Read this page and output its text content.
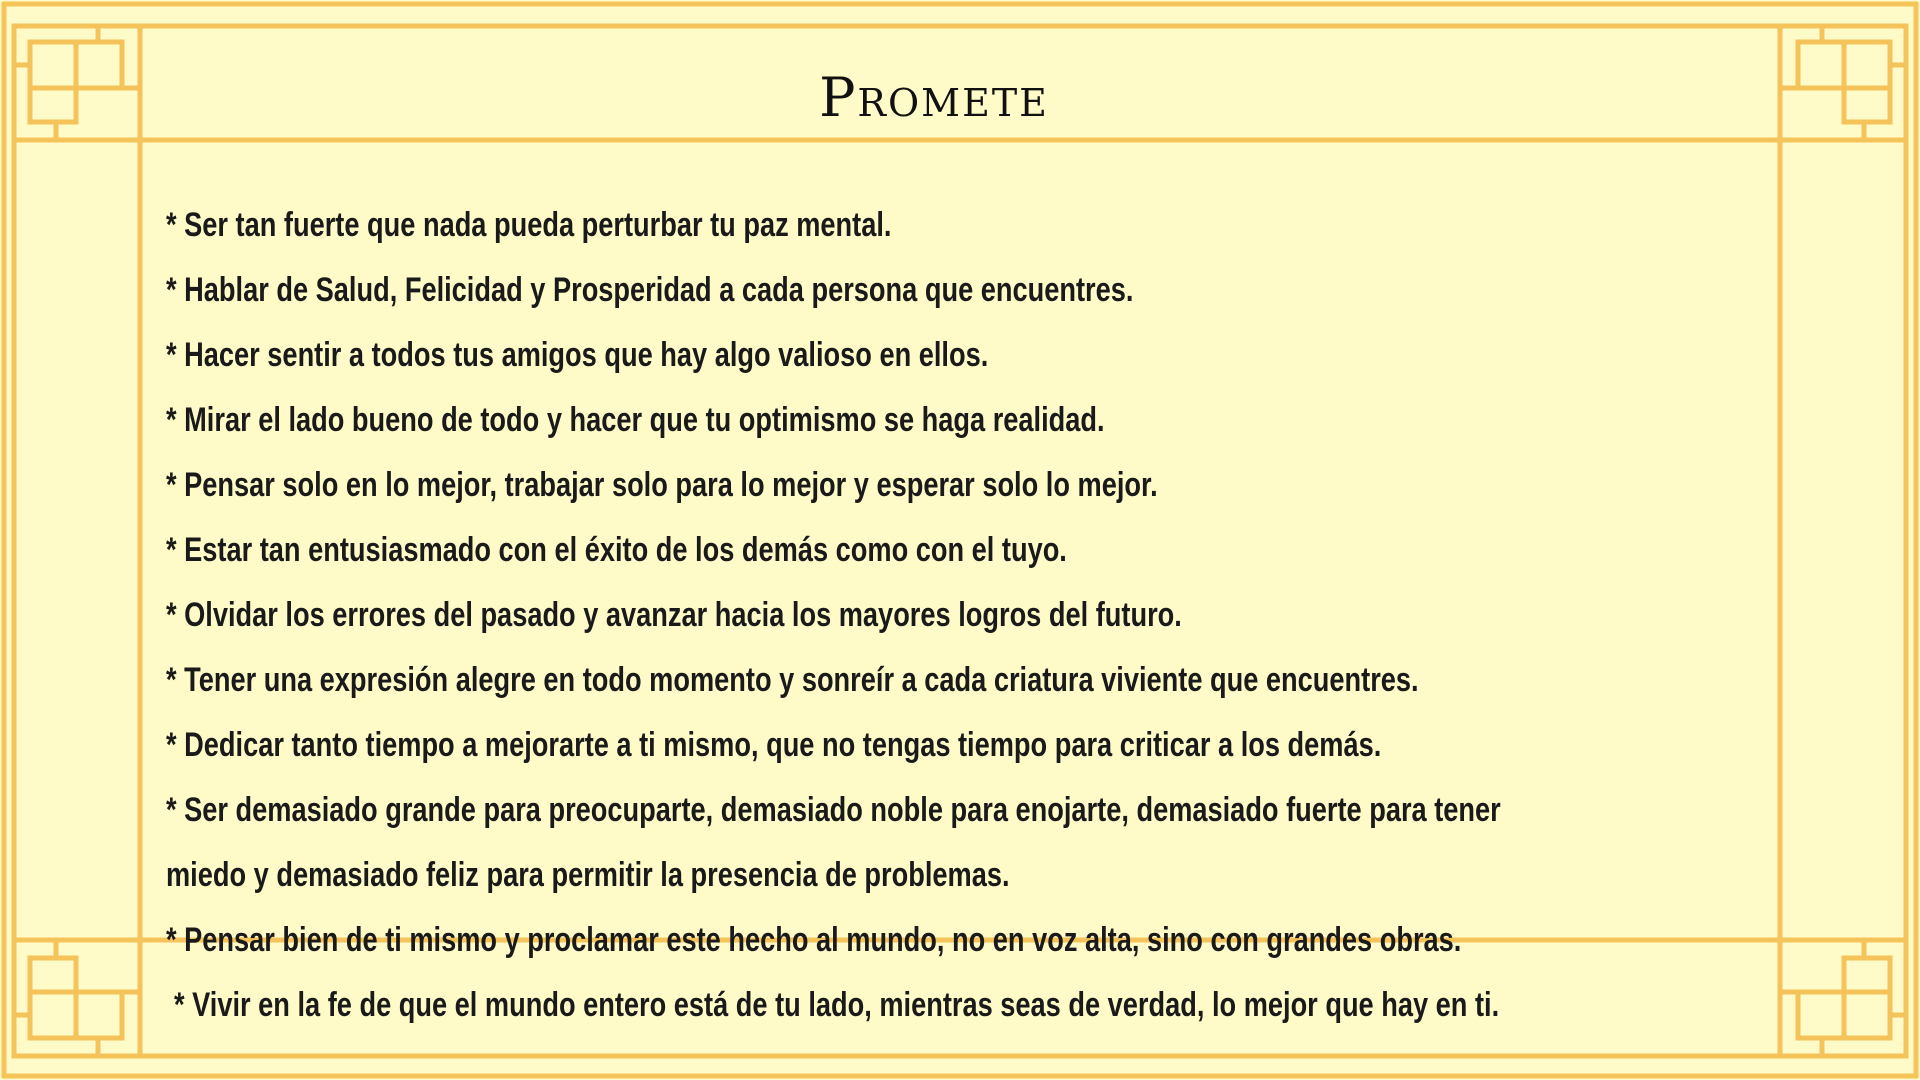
Promete
* Ser tan fuerte que nada pueda perturbar tu paz mental.
* Hablar de Salud, Felicidad y Prosperidad a cada persona que encuentres.
* Hacer sentir a todos tus amigos que hay algo valioso en ellos.
* Mirar el lado bueno de todo y hacer que tu optimismo se haga realidad.
* Pensar solo en lo mejor, trabajar solo para lo mejor y esperar solo lo mejor.
* Estar tan entusiasmado con el éxito de los demás como con el tuyo.
* Olvidar los errores del pasado y avanzar hacia los mayores logros del futuro.
* Tener una expresión alegre en todo momento y sonreír a cada criatura viviente que encuentres.
* Dedicar tanto tiempo a mejorarte a ti mismo, que no tengas tiempo para criticar a los demás.
* Ser demasiado grande para preocuparte, demasiado noble para enojarte, demasiado fuerte para tener
miedo y demasiado feliz para permitir la presencia de problemas.
* Pensar bien de ti mismo y proclamar este hecho al mundo, no en voz alta, sino con grandes obras.
* Vivir en la fe de que el mundo entero está de tu lado, mientras seas de verdad, lo mejor que hay en ti.
